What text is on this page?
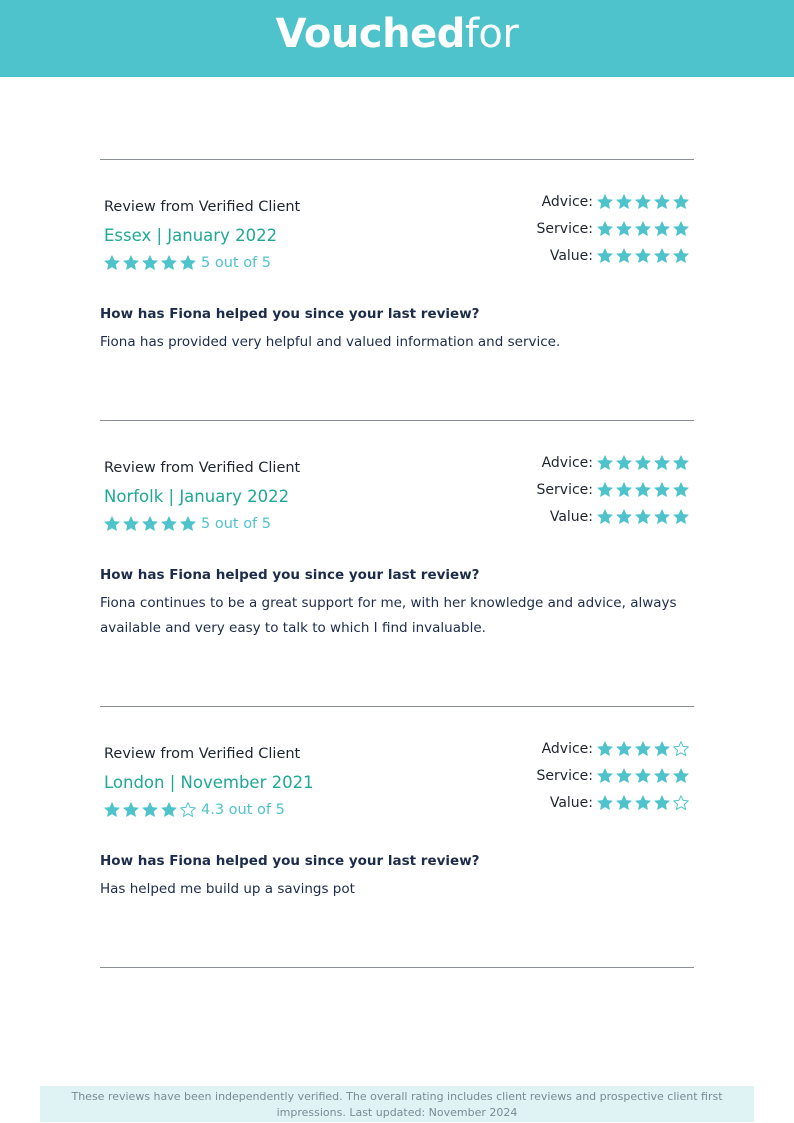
Vouchedfor
Review from Verified Client
Essex | January 2022
5 out of 5
Advice:
Service:
Value:
How has Fiona helped you since your last review?
Fiona has provided very helpful and valued information and service.
Review from Verified Client
Norfolk | January 2022
5 out of 5
Advice:
Service:
Value:
How has Fiona helped you since your last review?
Fiona continues to be a great support for me, with her knowledge and advice, always available and very easy to talk to which I find invaluable.
Review from Verified Client
London | November 2021
4.3 out of 5
Advice:
Service:
Value:
How has Fiona helped you since your last review?
Has helped me build up a savings pot
These reviews have been independently verified. The overall rating includes client reviews and prospective client first impressions. Last updated: November 2024
